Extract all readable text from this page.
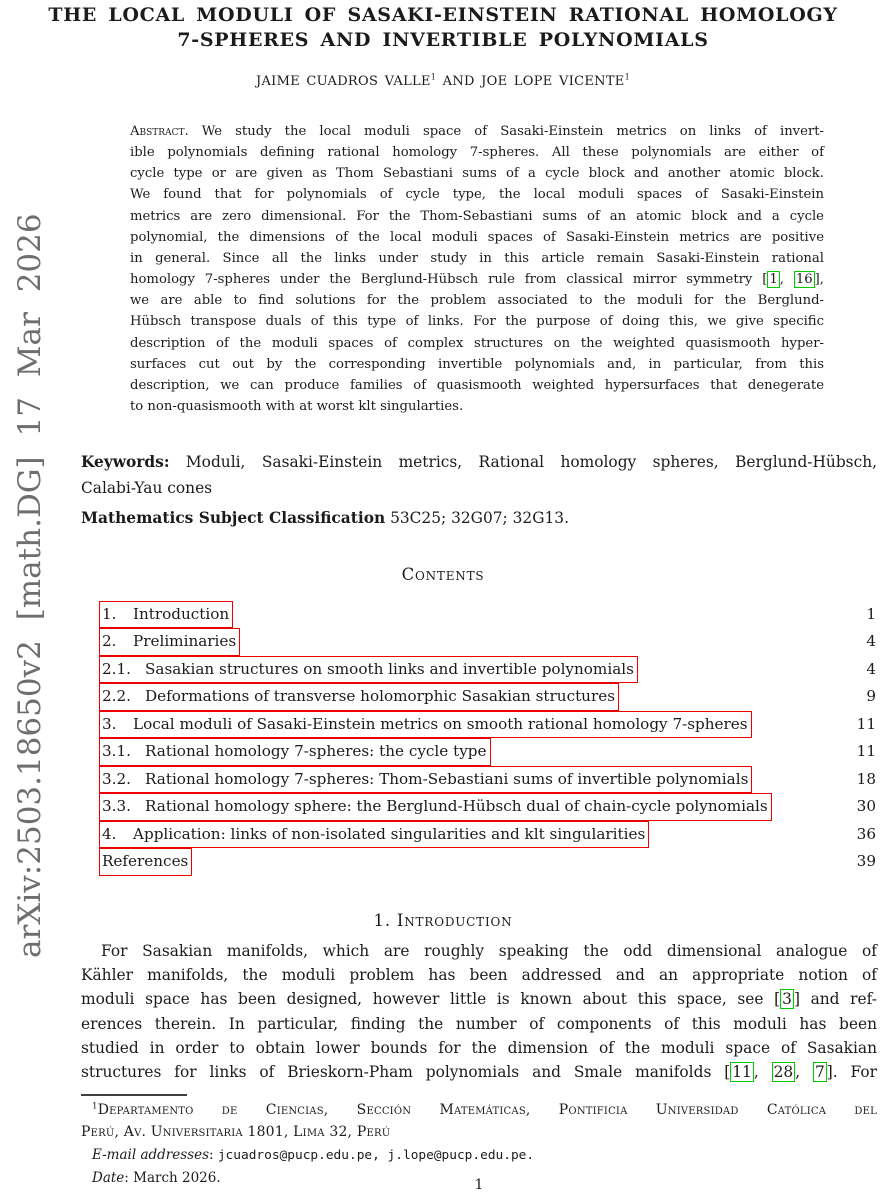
arXiv:2503.18650v2 [math.DG] 17 Mar 2026
THE LOCAL MODULI OF SASAKI-EINSTEIN RATIONAL HOMOLOGY
7-SPHERES AND INVERTIBLE POLYNOMIALS
JAIME CUADROS VALLE$^1$ AND JOE LOPE VICENTE$^1$
Abstract. We study the local moduli space of Sasaki-Einstein metrics on links of invert-
ible polynomials defining rational homology 7-spheres. All these polynomials are either of
cycle type or are given as Thom Sebastiani sums of a cycle block and another atomic block.
We found that for polynomials of cycle type, the local moduli spaces of Sasaki-Einstein
metrics are zero dimensional. For the Thom-Sebastiani sums of an atomic block and a cycle
polynomial, the dimensions of the local moduli spaces of Sasaki-Einstein metrics are positive
in general. Since all the links under study in this article remain Sasaki-Einstein rational
homology 7-spheres under the Berglund-Hübsch rule from classical mirror symmetry [ 1 , 16 ],
we are able to find solutions for the problem associated to the moduli for the Berglund-
Hübsch transpose duals of this type of links. For the purpose of doing this, we give specific
description of the moduli spaces of complex structures on the weighted quasismooth hyper-
surfaces cut out by the corresponding invertible polynomials and, in particular, from this
description, we can produce families of quasismooth weighted hypersurfaces that denegerate
to non-quasismooth with at worst klt singularties.
Keywords: Moduli, Sasaki-Einstein metrics, Rational homology spheres, Berglund-Hübsch,
Calabi-Yau cones
Mathematics Subject Classification 53C25; 32G07; 32G13.
Contents
1. Introduction	1
2. Preliminaries	4
2.1. Sasakian structures on smooth links and invertible polynomials	4
2.2. Deformations of transverse holomorphic Sasakian structures	9
3. Local moduli of Sasaki-Einstein metrics on smooth rational homology 7-spheres	11
3.1. Rational homology 7-spheres: the cycle type	11
3.2. Rational homology 7-spheres: Thom-Sebastiani sums of invertible polynomials	18
3.3. Rational homology sphere: the Berglund-Hübsch dual of chain-cycle polynomials	30
4. Application: links of non-isolated singularities and klt singularities	36
References	39
1. Introduction
For Sasakian manifolds, which are roughly speaking the odd dimensional analogue of
Kähler manifolds, the moduli problem has been addressed and an appropriate notion of
moduli space has been designed, however little is known about this space, see [ 3 ] and ref-
erences therein. In particular, finding the number of components of this moduli has been
studied in order to obtain lower bounds for the dimension of the moduli space of Sasakian
structures for links of Brieskorn-Pham polynomials and Smale manifolds [ 11 , 28 , 7 ]. For
$^1$Departamento de Ciencias, Sección Matemáticas, Pontificia Universidad Católica del
Perú, Av. Universitaria 1801, Lima 32, Perú
E-mail addresses: jcuadros@pucp.edu.pe, j.lope@pucp.edu.pe.
Date: March 2026.	1
